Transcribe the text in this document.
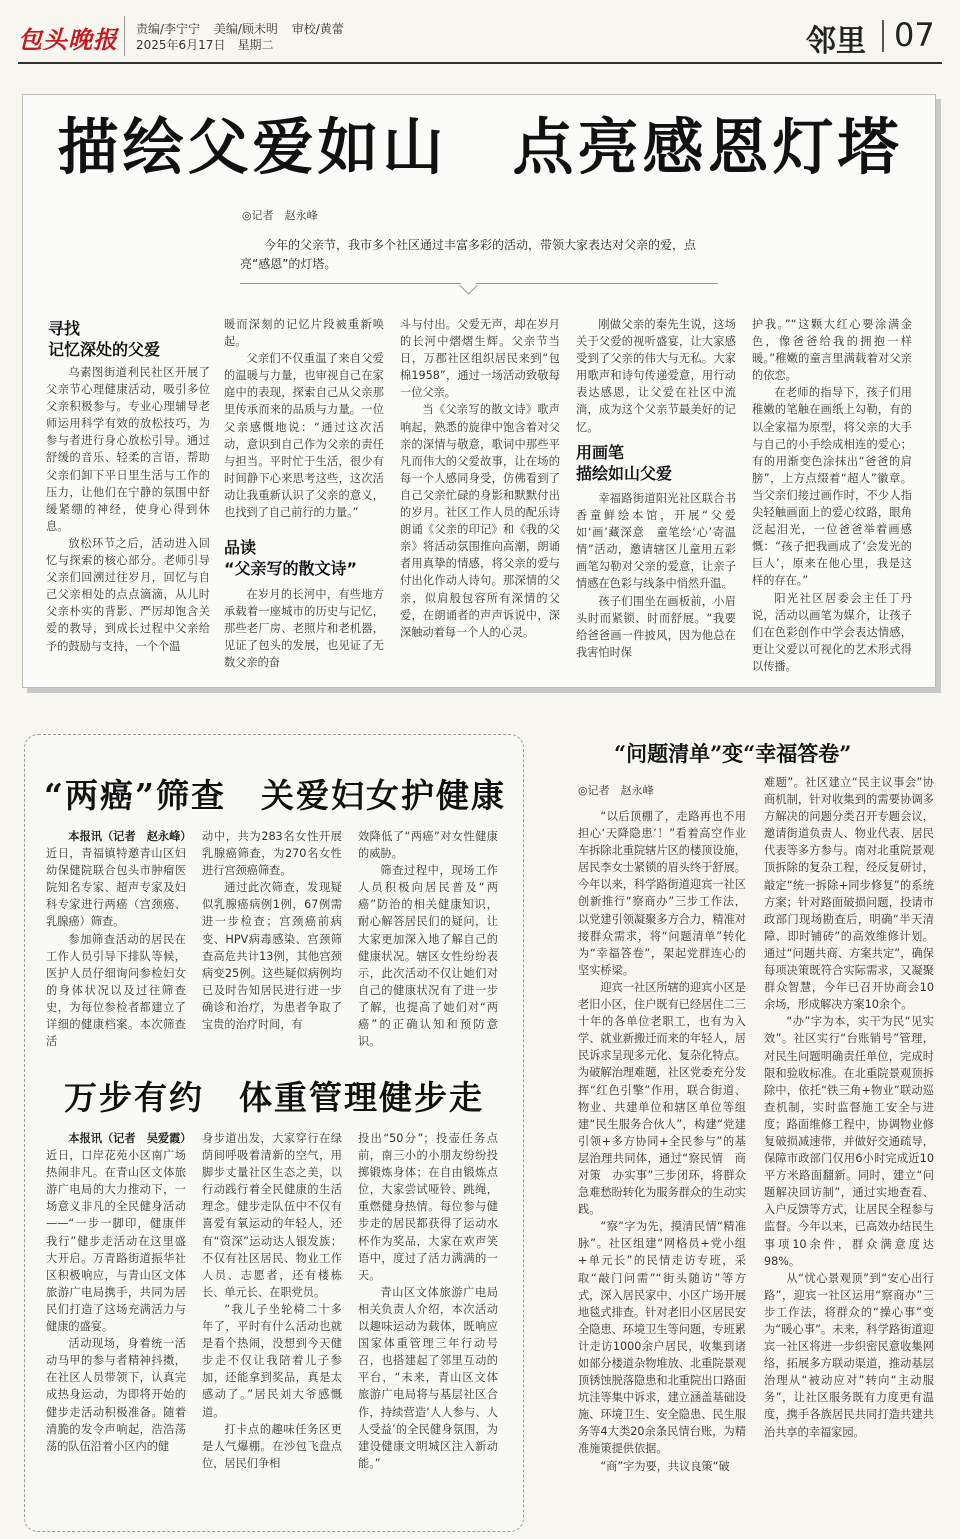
包头晚报 责编/李宁宁 美编/顾未明 审校/黄蕾
2025年6月17日　星期二	邻里 07
描绘父爱如山　点亮感恩灯塔
◎记者　赵永峰
今年的父亲节，我市多个社区通过丰富多彩的活动，带领大家表达对父亲的爱，点亮“感恩”的灯塔。
寻找
记忆深处的父爱

乌素图街道利民社区开展了父亲节心理健康活动，吸引多位父亲积极参与。专业心理辅导老师运用科学有效的放松技巧，为参与者进行身心放松引导。通过舒缓的音乐、轻柔的言语，帮助父亲们卸下平日里生活与工作的压力，让他们在宁静的氛围中舒缓紧绷的神经，使身心得到休息。

放松环节之后，活动进入回忆与探索的核心部分。老师引导父亲们回溯过往岁月，回忆与自己父亲相处的点点滴滴，从儿时父亲朴实的背影、严厉却饱含关爱的教导，到成长过程中父亲给予的鼓励与支持，一个个温

暖而深刻的记忆片段被重新唤起。

父亲们不仅重温了来自父爱的温暖与力量，也审视自己在家庭中的表现，探索自己从父亲那里传承而来的品质与力量。一位父亲感慨地说：“通过这次活动，意识到自己作为父亲的责任与担当。平时忙于生活，很少有时间静下心来思考这些，这次活动让我重新认识了父亲的意义，也找到了自己前行的力量。”

品读
“父亲写的散文诗”

在岁月的长河中，有些地方承载着一座城市的历史与记忆，那些老厂房、老照片和老机器，见证了包头的发展，也见证了无数父亲的奋

斗与付出。父爱无声，却在岁月的长河中熠熠生辉。父亲节当日，万郡社区组织居民来到“包棉1958”，通过一场活动致敬每一位父亲。

当《父亲写的散文诗》歌声响起，熟悉的旋律中饱含着对父亲的深情与敬意，歌词中那些平凡而伟大的父爱故事，让在场的每一个人感同身受，仿佛看到了自己父亲忙碌的身影和默默付出的岁月。社区工作人员的配乐诗朗诵《父亲的印记》和《我的父亲》将活动氛围推向高潮，朗诵者用真挚的情感，将父亲的爱与付出化作动人诗句。那深情的父亲，似肩般包容所有深情的父爱，在朗诵者的声声诉说中，深深触动着每一个人的心灵。

刚做父亲的秦先生说，这场关于父爱的视听盛宴，让大家感受到了父亲的伟大与无私。大家用歌声和诗句传递爱意，用行动表达感恩，让父爱在社区中流淌，成为这个父亲节最美好的记忆。

用画笔
描绘如山父爱

幸福路街道阳光社区联合书香童鲜绘本馆，开展“父爱如‘画’藏深意　童笔绘‘心’寄温情”活动，邀请辖区儿童用五彩画笔勾勒对父亲的爱意，让亲子情感在色彩与线条中悄然升温。

孩子们围坐在画板前，小眉头时而紧锁、时而舒展。“我要给爸爸画一件披风，因为他总在我害怕时保

护我。”“这颗大红心要涂满金色，像爸爸给我的拥抱一样暖。”稚嫩的童言里满载着对父亲的依恋。

在老师的指导下，孩子们用稚嫩的笔触在画纸上勾勒，有的以全家福为原型，将父亲的大手与自己的小手绘成相连的爱心；有的用渐变色涂抹出“爸爸的肩膀”，上方点缀着“超人”徽章。当父亲们接过画作时，不少人指尖轻触画面上的爱心纹路，眼角泛起泪光，一位爸爸举着画感慨：“孩子把我画成了‘会发光的巨人’，原来在他心里，我是这样的存在。”

阳光社区居委会主任丁丹说，活动以画笔为媒介，让孩子们在色彩创作中学会表达情感，更让父爱以可视化的艺术形式得以传播。

“两癌”筛查　关爱妇女护健康

本报讯（记者　赵永峰）近日，青福镇特邀青山区妇幼保健院联合包头市肿瘤医院知名专家、超声专家及妇科专家进行两癌（宫颈癌、乳腺癌）筛查。

参加筛查活动的居民在工作人员引导下排队等候，医护人员仔细询问参检妇女的身体状况以及过往筛查史，为每位参检者都建立了详细的健康档案。本次筛查活

动中，共为283名女性开展乳腺癌筛查，为270名女性进行宫颈癌筛查。

通过此次筛查，发现疑似乳腺癌病例1例，67例需进一步检查；宫颈癌前病变、HPV病毒感染、宫颈筛查高危共计13例，其他宫颈病变25例。这些疑似病例均已及时告知居民进行进一步确诊和治疗，为患者争取了宝贵的治疗时间，有

效降低了“两癌”对女性健康的威胁。

筛查过程中，现场工作人员积极向居民普及“两癌”防治的相关健康知识，耐心解答居民们的疑问，让大家更加深入地了解自己的健康状况。辖区女性纷纷表示，此次活动不仅让她们对自己的健康状况有了进一步了解，也提高了她们对“两癌”的正确认知和预防意识。

万步有约　体重管理健步走

本报讯（记者　吴爱霞）近日，口岸花苑小区南广场热闹非凡。在青山区文体旅游广电局的大力推动下，一场意义非凡的全民健身活动——“一步一脚印，健康伴我行”健步走活动在这里盛大开启。万青路街道振华社区积极响应，与青山区文体旅游广电局携手，共同为居民们打造了这场充满活力与健康的盛宴。

活动现场，身着统一活动马甲的参与者精神抖擞，在社区人员带领下，认真完成热身运动，为即将开始的健步走活动积极准备。随着清脆的发令声响起，浩浩荡荡的队伍沿着小区内的健

身步道出发，大家穿行在绿荫间呼吸着清新的空气，用脚步丈量社区生态之美，以行动践行着全民健康的生活理念。健步走队伍中不仅有喜爱有氧运动的年轻人，还有“资深”运动达人银发族；不仅有社区居民、物业工作人员、志愿者，还有楼栋长、单元长、在职党员。

“我儿子坐轮椅二十多年了，平时有什么活动也就是看个热闹，没想到今天健步走不仅让我陪着儿子参加，还能拿到奖品，真是太感动了。”居民刘大爷感慨道。

打卡点的趣味任务区更是人气爆棚。在沙包飞盘点位，居民们争相

投出“50分”；投壶任务点前，南三小的小朋友纷纷投掷锻炼身体；在自由锻炼点位，大家尝试哑铃、跳绳，重燃健身热情。每位参与健步走的居民都获得了运动水杯作为奖品，大家在欢声笑语中，度过了活力满满的一天。

青山区文体旅游广电局相关负责人介绍，本次活动以趣味运动为载体，既响应国家体重管理三年行动号召，也搭建起了邻里互动的平台，“未来，青山区文体旅游广电局将与基层社区合作，持续营造‘人人参与、人人受益’的全民健身氛围，为建设健康文明城区注入新动能。”

“问题清单”变“幸福答卷”
◎记者　赵永峰

“以后顶棚了，走路再也不用担心‘天降隐患’！”看着高空作业车拆除北重院辖片区的楼顶设施，居民李女士紧锁的眉头终于舒展。今年以来，科学路街道迎宾一社区创新推行“察商办”三步工作法，以党建引领凝聚多方合力，精准对接群众需求，将“问题清单”转化为“幸福答卷”，架起党群连心的坚实桥梁。

迎宾一社区所辖的迎宾小区是老旧小区，住户既有已经居住二三十年的各单位老职工，也有为入学、就业新搬迁而来的年轻人，居民诉求呈现多元化、复杂化特点。为破解治理难题，社区党委充分发挥“红色引擎”作用，联合街道、物业、共建单位和辖区单位等组建“民生服务合伙人”，构建“党建引领+多方协同+全民参与”的基层治理共同体，通过“察民情　商对策　办实事”三步闭环，将群众急难愁盼转化为服务群众的生动实践。

“察”字为先，摸清民情“精准脉”。社区组建“网格员+党小组+单元长”的民情走访专班，采取“敲门问需”“街头随访”等方式，深入居民家中、小区广场开展地毯式排查。针对老旧小区居民安全隐患、环境卫生等问题，专班累计走访1000余户居民，收集到诸如部分楼道杂物堆放、北重院景观顶锈蚀脱落隐患和北重院出口路面坑洼等集中诉求，建立涵盖基础设施、环境卫生、安全隐患、民生服务等4大类20余条民情台账，为精准施策提供依据。

“商”字为要，共议良策“破

难题”。社区建立“民主议事会”协商机制，针对收集到的需要协调多方解决的问题分类召开专题会议，邀请街道负责人、物业代表、居民代表等多方参与。南对北重院景观顶拆除的复杂工程，经反复研讨，敲定“统一拆除+同步修复”的系统方案；针对路面破损问题，投请市政部门现场勘查后，明确“半天清障、即时铺砖”的高效维修计划。通过“问题共商、方案共定”，确保每项决策既符合实际需求，又凝聚群众智慧，今年已召开协商会10余场，形成解决方案10余个。

“办”字为本，实干为民“见实效”。社区实行“台账销号”管理，对民生问题明确责任单位，完成时限和验收标准。在北重院景观顶拆除中，依托“铁三角+物业”联动巡查机制，实时监督施工安全与进度；路面维修工程中，协调物业修复破损减速带，并做好交通疏导，保障市政部门仅用6小时完成近10平方米路面翻新。同时，建立“问题解决回访制”，通过实地查看、入户反馈等方式，让居民全程参与监督。今年以来，已高效办结民生事项10余件，群众满意度达98%。

从“忧心景观顶”到“安心出行路”，迎宾一社区运用“察商办”三步工作法，将群众的“操心事”变为“暖心事”。未来，科学路街道迎宾一社区将进一步织密民意收集网络，拓展多方联动渠道，推动基层治理从“被动应对”转向“主动服务”，让社区服务既有力度更有温度，携手各族居民共同打造共建共治共享的幸福家园。
